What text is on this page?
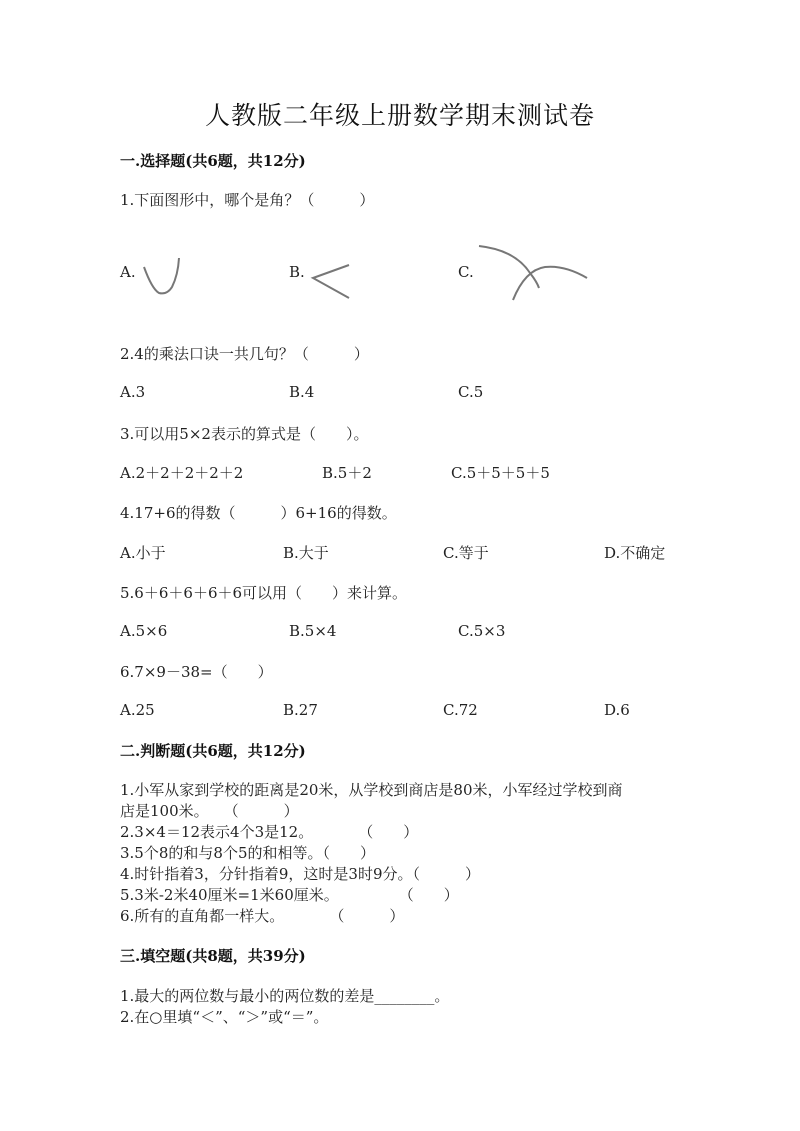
人教版二年级上册数学期末测试卷
一.选择题(共6题，共12分)
1.下面图形中，哪个是角？（　　　）
A.	B.	C.
2.4的乘法口诀一共几句？（　　　）
A.3	B.4	C.5
3.可以用5×2表示的算式是（　　）。
A.2＋2＋2＋2＋2	B.5＋2	C.5＋5＋5＋5
4.17+6的得数（　　　）6+16的得数。
A.小于	B.大于	C.等于	D.不确定
5.6＋6＋6＋6＋6可以用（　　）来计算。
A.5×6	B.5×4	C.5×3
6.7×9－38=（　　）
A.25	B.27	C.72	D.6
二.判断题(共6题，共12分)
1.小军从家到学校的距离是20米，从学校到商店是80米，小军经过学校到商
店是100米。　　（　　　）
2.3×4＝12表示4个3是12。　　　　（　　）
3.5个8的和与8个5的和相等。（　　）
4.时针指着3，分针指着9，这时是3时9分。（　　　）
5.3米-2米40厘米=1米60厘米。　　　　　（　　）
6.所有的直角都一样大。　　　　（　　　）
三.填空题(共8题，共39分)
1.最大的两位数与最小的两位数的差是________。
2.在○里填“＜”、“＞”或“＝”。
